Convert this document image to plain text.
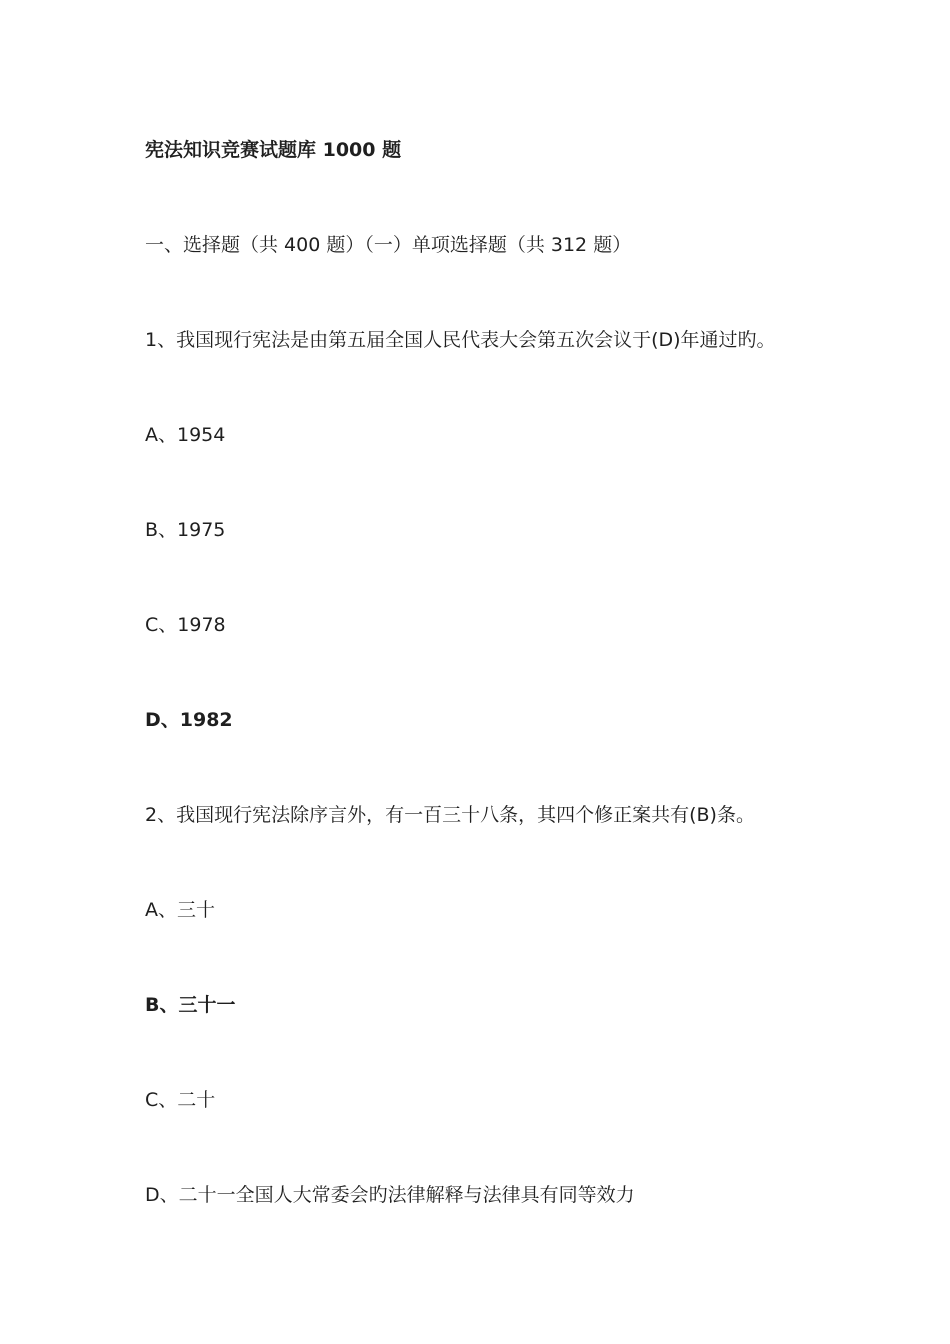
宪法知识竞赛试题库 1000 题
一、选择题（共 400 题）（一）单项选择题（共 312 题）
1、我国现行宪法是由第五届全国人民代表大会第五次会议于(D)年通过旳。
A、1954
B、1975
C、1978
D、1982
2、我国现行宪法除序言外，有一百三十八条，其四个修正案共有(B)条。
A、三十
B、三十一
C、二十
D、二十一全国人大常委会旳法律解释与法律具有同等效力
